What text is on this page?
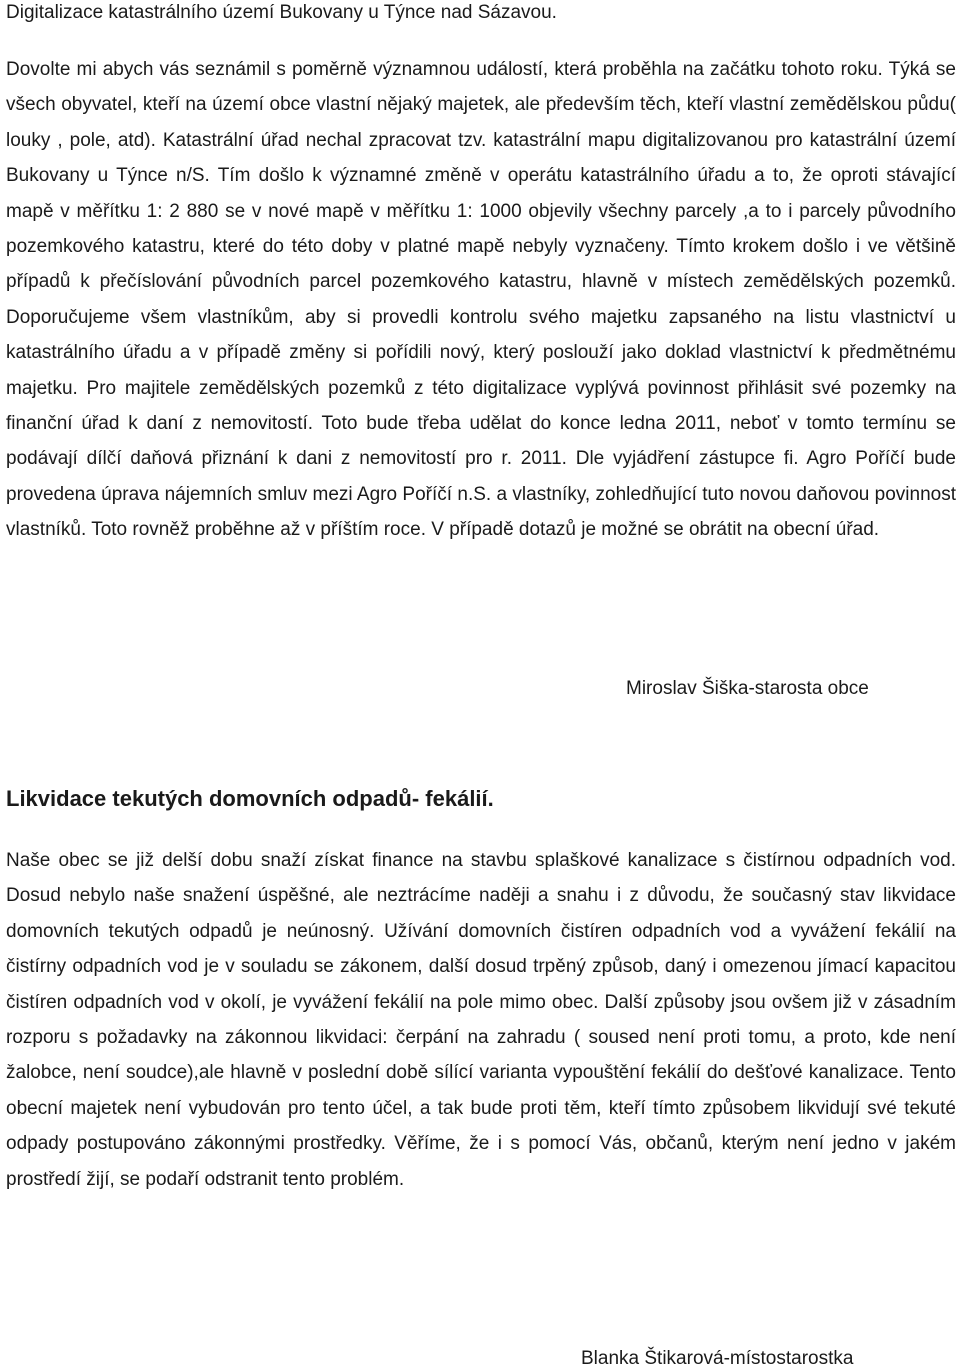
Digitalizace katastrálního území Bukovany u Týnce nad Sázavou.

Dovolte mi abych vás seznámil s poměrně významnou událostí, která proběhla na začátku tohoto roku. Týká se všech obyvatel, kteří na území obce vlastní nějaký majetek, ale především těch, kteří vlastní zemědělskou půdu( louky , pole, atd). Katastrální úřad nechal zpracovat tzv. katastrální mapu digitalizovanou pro katastrální území Bukovany u Týnce n/S. Tím došlo k významné změně v operátu katastrálního úřadu a to, že oproti stávající mapě v měřítku 1: 2 880 se v nové mapě v měřítku 1: 1000 objevily všechny parcely ,a to i parcely původního pozemkového katastru, které do této doby v platné mapě nebyly vyznačeny. Tímto krokem došlo i ve většině případů k přečíslování původních parcel pozemkového katastru, hlavně v místech zemědělských pozemků. Doporučujeme všem vlastníkům, aby si provedli kontrolu svého majetku zapsaného na listu vlastnictví u katastrálního úřadu a v případě změny si pořídili nový, který poslouží jako doklad vlastnictví k předmětnému majetku. Pro majitele zemědělských pozemků z této digitalizace vyplývá povinnost přihlásit své pozemky na finanční úřad k daní z nemovitostí. Toto bude třeba udělat do konce ledna 2011, neboť v tomto termínu se podávají dílčí daňová přiznání k dani z nemovitostí pro r. 2011. Dle vyjádření zástupce fi. Agro Poříčí bude provedena úprava nájemních smluv mezi Agro Poříčí n.S. a vlastníky, zohledňující tuto novou daňovou povinnost vlastníků. Toto rovněž proběhne až v příštím roce. V případě dotazů je možné se obrátit na obecní úřad.

Miroslav Šiška-starosta obce
Likvidace tekutých domovních odpadů- fekálií.

Naše obec se již delší dobu snaží získat finance na stavbu splaškové kanalizace s čistírnou odpadních vod. Dosud nebylo naše snažení úspěšné, ale neztrácíme naději a snahu i z důvodu, že současný stav likvidace domovních tekutých odpadů je neúnosný. Užívání domovních čistíren odpadních vod a vyvážení fekálií na čistírny odpadních vod je v souladu se zákonem, další dosud trpěný způsob, daný i omezenou jímací kapacitou čistíren odpadních vod v okolí, je vyvážení fekálií na pole mimo obec. Další způsoby jsou ovšem již v zásadním rozporu s požadavky na zákonnou likvidaci: čerpání na zahradu ( soused není proti tomu, a proto, kde není žalobce, není soudce),ale hlavně v poslední době sílící varianta vypouštění fekálií do dešťové kanalizace. Tento obecní majetek není vybudován pro tento účel, a tak bude proti těm, kteří tímto způsobem likvidují své tekuté odpady postupováno zákonnými prostředky. Věříme, že i s pomocí Vás, občanů, kterým není jedno v jakém prostředí žijí, se podaří odstranit tento problém.

Blanka Štikarová-místostarostka
